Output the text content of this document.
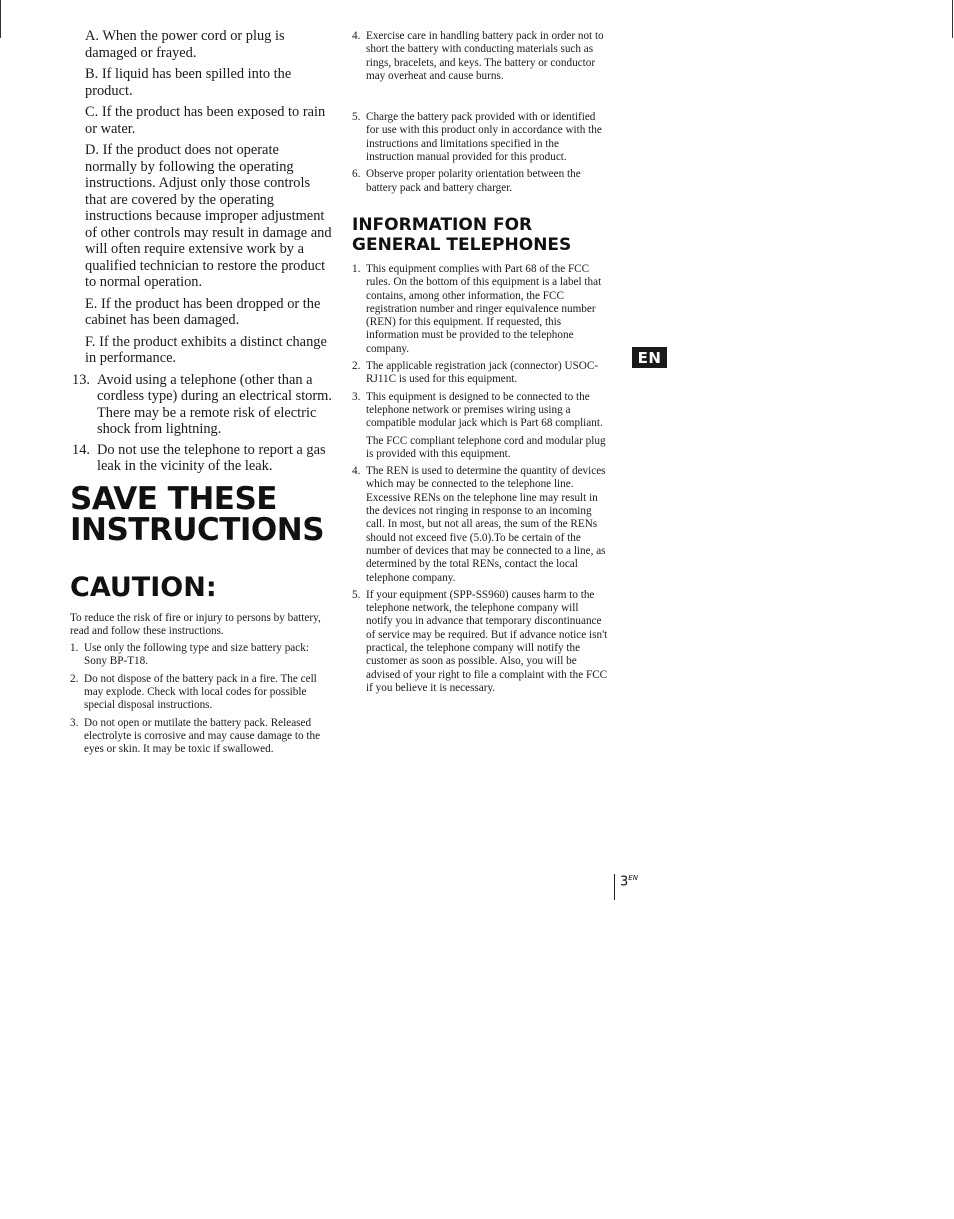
A. When the power cord or plug is damaged or frayed.

B. If liquid has been spilled into the product.

C. If the product has been exposed to rain or water.

D. If the product does not operate normally by following the operating instructions. Adjust only those controls that are covered by the operating instructions because improper adjustment of other controls may result in damage and will often require extensive work by a qualified technician to restore the product to normal operation.

E. If the product has been dropped or the cabinet has been damaged.

F. If the product exhibits a distinct change in performance.

13. Avoid using a telephone (other than a cordless type) during an electrical storm. There may be a remote risk of electric shock from lightning.
14. Do not use the telephone to report a gas leak in the vicinity of the leak.
SAVE THESE
INSTRUCTIONS
CAUTION:

To reduce the risk of fire or injury to persons by battery, read and follow these instructions.

1. Use only the following type and size battery pack: Sony BP-T18.
2. Do not dispose of the battery pack in a fire. The cell may explode. Check with local codes for possible special disposal instructions.
3. Do not open or mutilate the battery pack. Released electrolyte is corrosive and may cause damage to the eyes or skin. It may be toxic if swallowed.
4. Exercise care in handling battery pack in order not to short the battery with conducting materials such as rings, bracelets, and keys. The battery or conductor may overheat and cause burns.
5. Charge the battery pack provided with or identified for use with this product only in accordance with the instructions and limitations specified in the instruction manual provided for this product.
6. Observe proper polarity orientation between the battery pack and battery charger.
INFORMATION FOR
GENERAL TELEPHONES
1. This equipment complies with Part 68 of the FCC rules. On the bottom of this equipment is a label that contains, among other information, the FCC registration number and ringer equivalence number (REN) for this equipment. If requested, this information must be provided to the telephone company.
2. The applicable registration jack (connector) USOC-RJ11C is used for this equipment.
3. This equipment is designed to be connected to the telephone network or premises wiring using a compatible modular jack which is Part 68 compliant.

The FCC compliant telephone cord and modular plug is provided with this equipment.

4. The REN is used to determine the quantity of devices which may be connected to the telephone line. Excessive RENs on the telephone line may result in the devices not ringing in response to an incoming call. In most, but not all areas, the sum of the RENs should not exceed five (5.0).To be certain of the number of devices that may be connected to a line, as determined by the total RENs, contact the local telephone company.
5. If your equipment (SPP-SS960) causes harm to the telephone network, the telephone company will notify you in advance that temporary discontinuance of service may be required. But if advance notice isn't practical, the telephone company will notify the customer as soon as possible. Also, you will be advised of your right to file a complaint with the FCC if you believe it is necessary.
EN
$3^{EN}$
